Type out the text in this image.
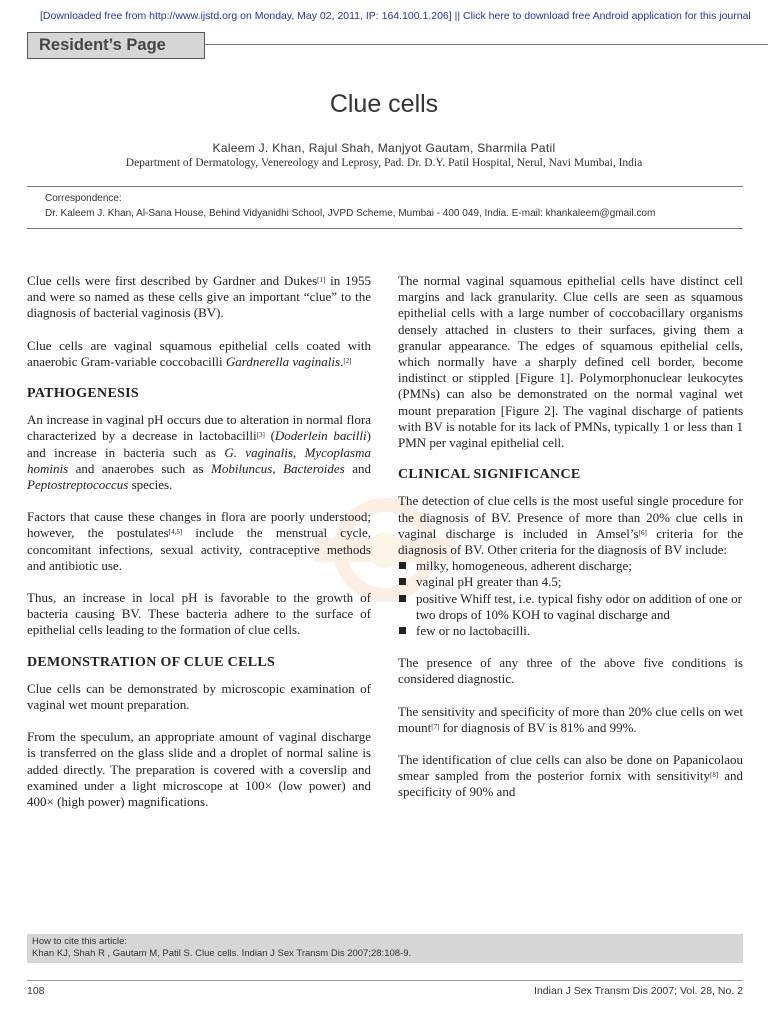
[Downloaded free from http://www.ijstd.org on Monday, May 02, 2011, IP: 164.100.1.206] || Click here to download free Android application for this journal
Resident’s Page
Clue cells
Kaleem J. Khan, Rajul Shah, Manjyot Gautam, Sharmila Patil
Department of Dermatology, Venereology and Leprosy, Pad. Dr. D.Y. Patil Hospital, Nerul, Navi Mumbai, India
Correspondence:
Dr. Kaleem J. Khan, Al-Sana House, Behind Vidyanidhi School, JVPD Scheme, Mumbai - 400 049, India. E-mail: khankaleem@gmail.com

Clue cells were first described by Gardner and Dukes[1] in 1955 and were so named as these cells give an important “clue” to the diagnosis of bacterial vaginosis (BV).

Clue cells are vaginal squamous epithelial cells coated with anaerobic Gram-variable coccobacilli Gardnerella vaginalis.[2]

PATHOGENESIS

An increase in vaginal pH occurs due to alteration in normal flora characterized by a decrease in lactobacilli[3] (Doderlein bacilli) and increase in bacteria such as G. vaginalis, Mycoplasma hominis and anaerobes such as Mobiluncus, Bacteroides and Peptostreptococcus species.

Factors that cause these changes in flora are poorly understood; however, the postulates[4,5] include the menstrual cycle, concomitant infections, sexual activity, contraceptive methods and antibiotic use.

Thus, an increase in local pH is favorable to the growth of bacteria causing BV. These bacteria adhere to the surface of epithelial cells leading to the formation of clue cells.

DEMONSTRATION OF CLUE CELLS

Clue cells can be demonstrated by microscopic examination of vaginal wet mount preparation.

From the speculum, an appropriate amount of vaginal discharge is transferred on the glass slide and a droplet of normal saline is added directly. The preparation is covered with a coverslip and examined under a light microscope at 100× (low power) and 400× (high power) magnifications.

The normal vaginal squamous epithelial cells have distinct cell margins and lack granularity. Clue cells are seen as squamous epithelial cells with a large number of coccobacillary organisms densely attached in clusters to their surfaces, giving them a granular appearance. The edges of squamous epithelial cells, which normally have a sharply defined cell border, become indistinct or stippled [Figure 1]. Polymorphonuclear leukocytes (PMNs) can also be demonstrated on the normal vaginal wet mount preparation [Figure 2]. The vaginal discharge of patients with BV is notable for its lack of PMNs, typically 1 or less than 1 PMN per vaginal epithelial cell.

CLINICAL SIGNIFICANCE

The detection of clue cells is the most useful single procedure for the diagnosis of BV. Presence of more than 20% clue cells in vaginal discharge is included in Amsel’s[6] criteria for the diagnosis of BV. Other criteria for the diagnosis of BV include:

milky, homogeneous, adherent discharge;
vaginal pH greater than 4.5;
positive Whiff test, i.e. typical fishy odor on addition of one or two drops of 10% KOH to vaginal discharge and
few or no lactobacilli.

The presence of any three of the above five conditions is considered diagnostic.

The sensitivity and specificity of more than 20% clue cells on wet mount[7] for diagnosis of BV is 81% and 99%.

The identification of clue cells can also be done on Papanicolaou smear sampled from the posterior fornix with sensitivity[8] and specificity of 90% and

How to cite this article:
Khan KJ, Shah R , Gautam M, Patil S. Clue cells. Indian J Sex Transm Dis 2007;28:108-9.
108	Indian J Sex Transm Dis 2007; Vol. 28, No. 2
